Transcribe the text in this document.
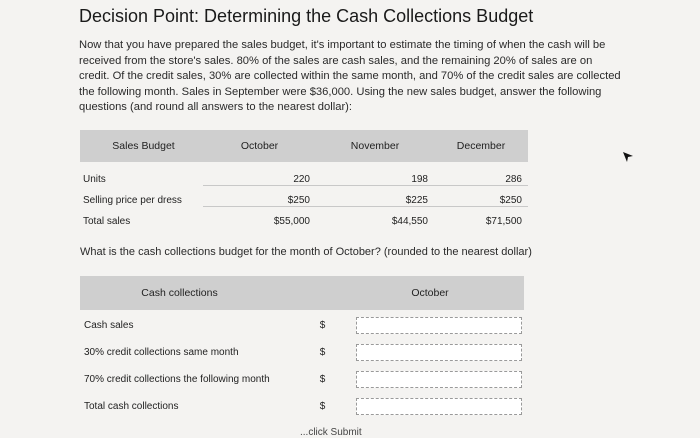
Decision Point: Determining the Cash Collections Budget
Now that you have prepared the sales budget, it's important to estimate the timing of when the cash will be received from the store's sales. 80% of the sales are cash sales, and the remaining 20% of sales are on credit. Of the credit sales, 30% are collected within the same month, and 70% of the credit sales are collected the following month. Sales in September were $36,000. Using the new sales budget, answer the following questions (and round all answers to the nearest dollar):
Sales Budget	October	November	December
Units	220	198	286
Selling price per dress	$250	$225	$250
Total sales	$55,000	$44,550	$71,500
What is the cash collections budget for the month of October? (rounded to the nearest dollar)
Cash collections	October
Cash sales	$
30% credit collections same month	$
70% credit collections the following month	$
Total cash collections	$
...click Submit
